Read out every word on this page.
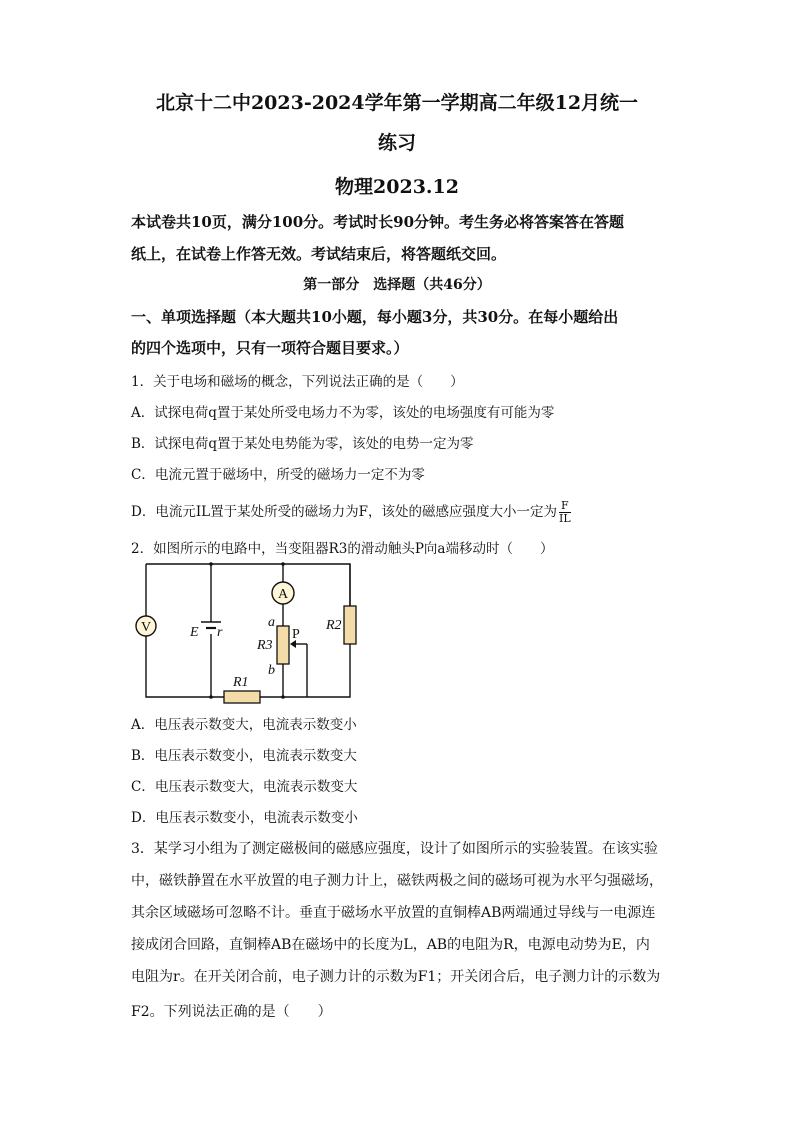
北京十二中2023-2024学年第一学期高二年级12月统一
练习
物理2023.12
本试卷共10页，满分100分。考试时长90分钟。考生务必将答案答在答题
纸上，在试卷上作答无效。考试结束后，将答题纸交回。
第一部分　选择题（共46分）
一、单项选择题（本大题共10小题，每小题3分，共30分。在每小题给出
的四个选项中，只有一项符合题目要求。）
1．关于电场和磁场的概念，下列说法正确的是（　　）
A．试探电荷q置于某处所受电场力不为零，该处的电场强度有可能为零
B．试探电荷q置于某处电势能为零，该处的电势一定为零
C．电流元置于磁场中，所受的磁场力一定不为零
D．电流元IL置于某处所受的磁场力为F，该处的磁感应强度大小一定为 $\frac{F}{IL}$
2．如图所示的电路中，当变阻器R3的滑动触头P向a端移动时（　　）
V
A
E r
a
b
R3
P
R2
R1
A．电压表示数变大，电流表示数变小
B．电压表示数变小，电流表示数变大
C．电压表示数变大，电流表示数变大
D．电压表示数变小，电流表示数变小
3．某学习小组为了测定磁极间的磁感应强度，设计了如图所示的实验装置。在该实验
中，磁铁静置在水平放置的电子测力计上，磁铁两极之间的磁场可视为水平匀强磁场，
其余区域磁场可忽略不计。垂直于磁场水平放置的直铜棒AB两端通过导线与一电源连
接成闭合回路，直铜棒AB在磁场中的长度为L，AB的电阻为R，电源电动势为E，内
电阻为r。在开关闭合前，电子测力计的示数为F1；开关闭合后，电子测力计的示数为
F2。下列说法正确的是（　　）
